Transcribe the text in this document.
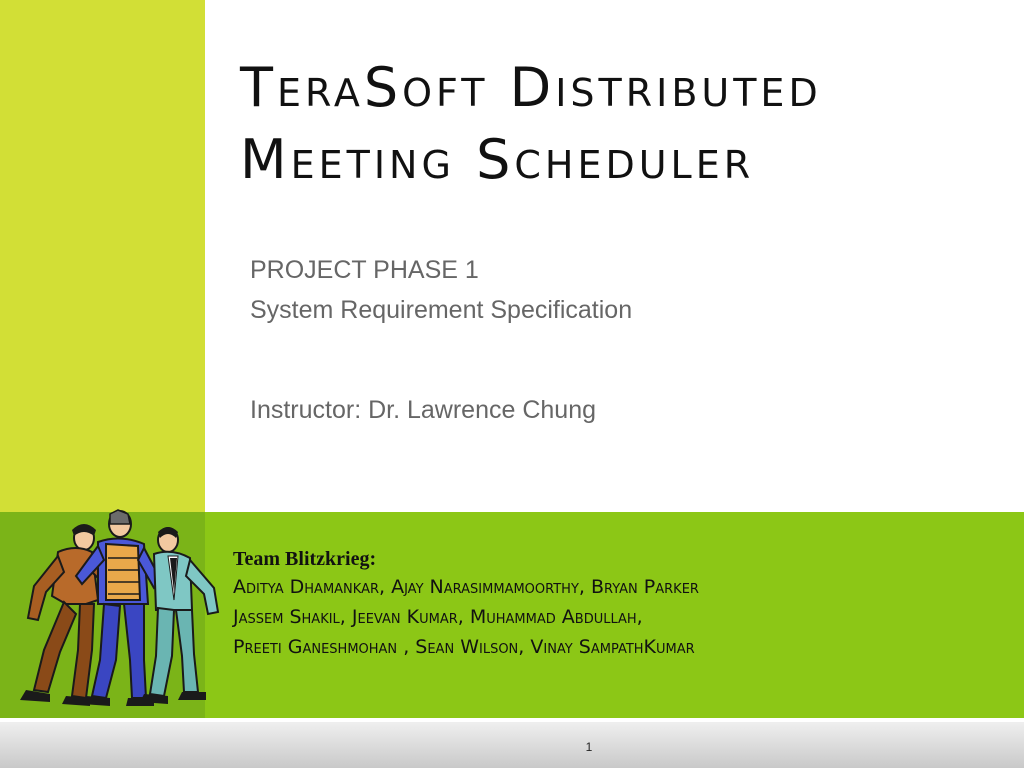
TeraSoft Distributed
Meeting Scheduler
PROJECT PHASE 1
System Requirement Specification
Instructor: Dr. Lawrence Chung
Team Blitzkrieg:
Aditya Dhamankar, Ajay Narasimmamoorthy, Bryan Parker
Jassem Shakil, Jeevan Kumar, Muhammad Abdullah,
Preeti Ganeshmohan , Sean Wilson, Vinay SampathKumar
1
